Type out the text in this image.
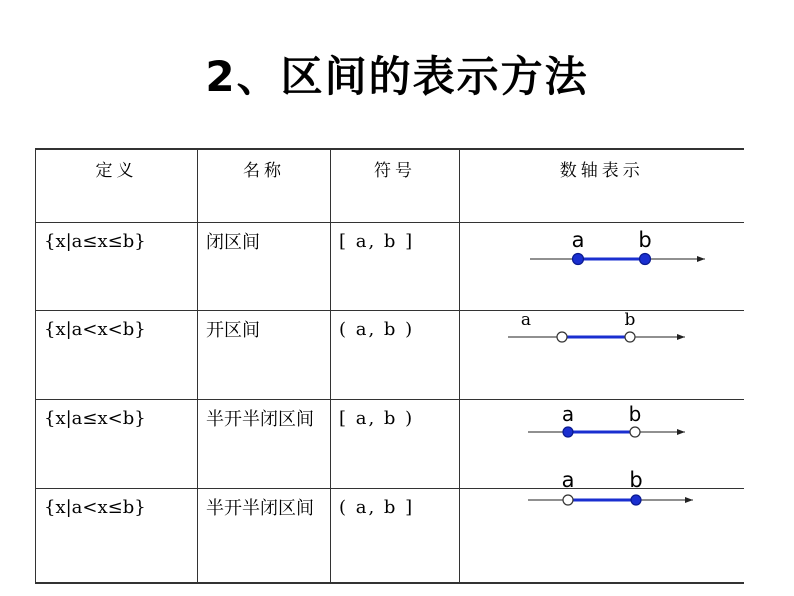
2、区间的表示方法
定义	名称	符号	数轴表示
{x|a≤x≤b}	闭区间	[ a, b ]	a b

{x|a<x<b}	开区间	( a, b )	a b

{x|a≤x<b}	半开半闭区间	[ a, b )	a b

{x|a<x≤b}	半开半闭区间	( a, b ]	a b
